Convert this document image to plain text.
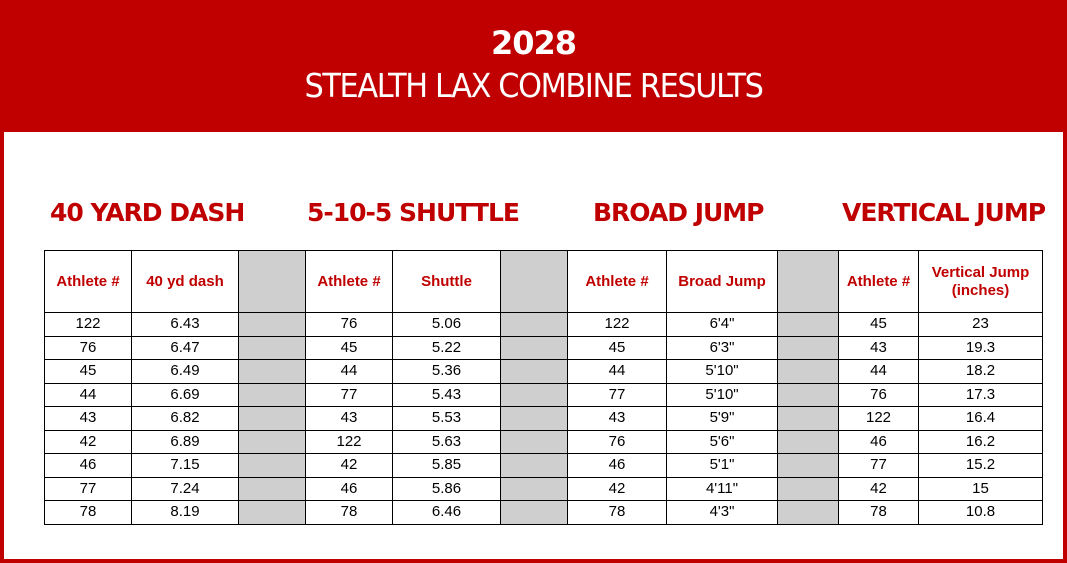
2028
STEALTH LAX COMBINE RESULTS
40 YARD DASH	5-10-5 SHUTTLE	BROAD JUMP	VERTICAL JUMP
Athlete #	40 yd dash		Athlete #	Shuttle		Athlete #	Broad Jump		Athlete #	Vertical Jump (inches)
122	6.43		76	5.06		122	6'4"		45	23
76	6.47		45	5.22		45	6'3"		43	19.3
45	6.49		44	5.36		44	5'10"		44	18.2
44	6.69		77	5.43		77	5'10"		76	17.3
43	6.82		43	5.53		43	5'9"		122	16.4
42	6.89		122	5.63		76	5'6"		46	16.2
46	7.15		42	5.85		46	5'1"		77	15.2
77	7.24		46	5.86		42	4'11"		42	15
78	8.19		78	6.46		78	4'3"		78	10.8
